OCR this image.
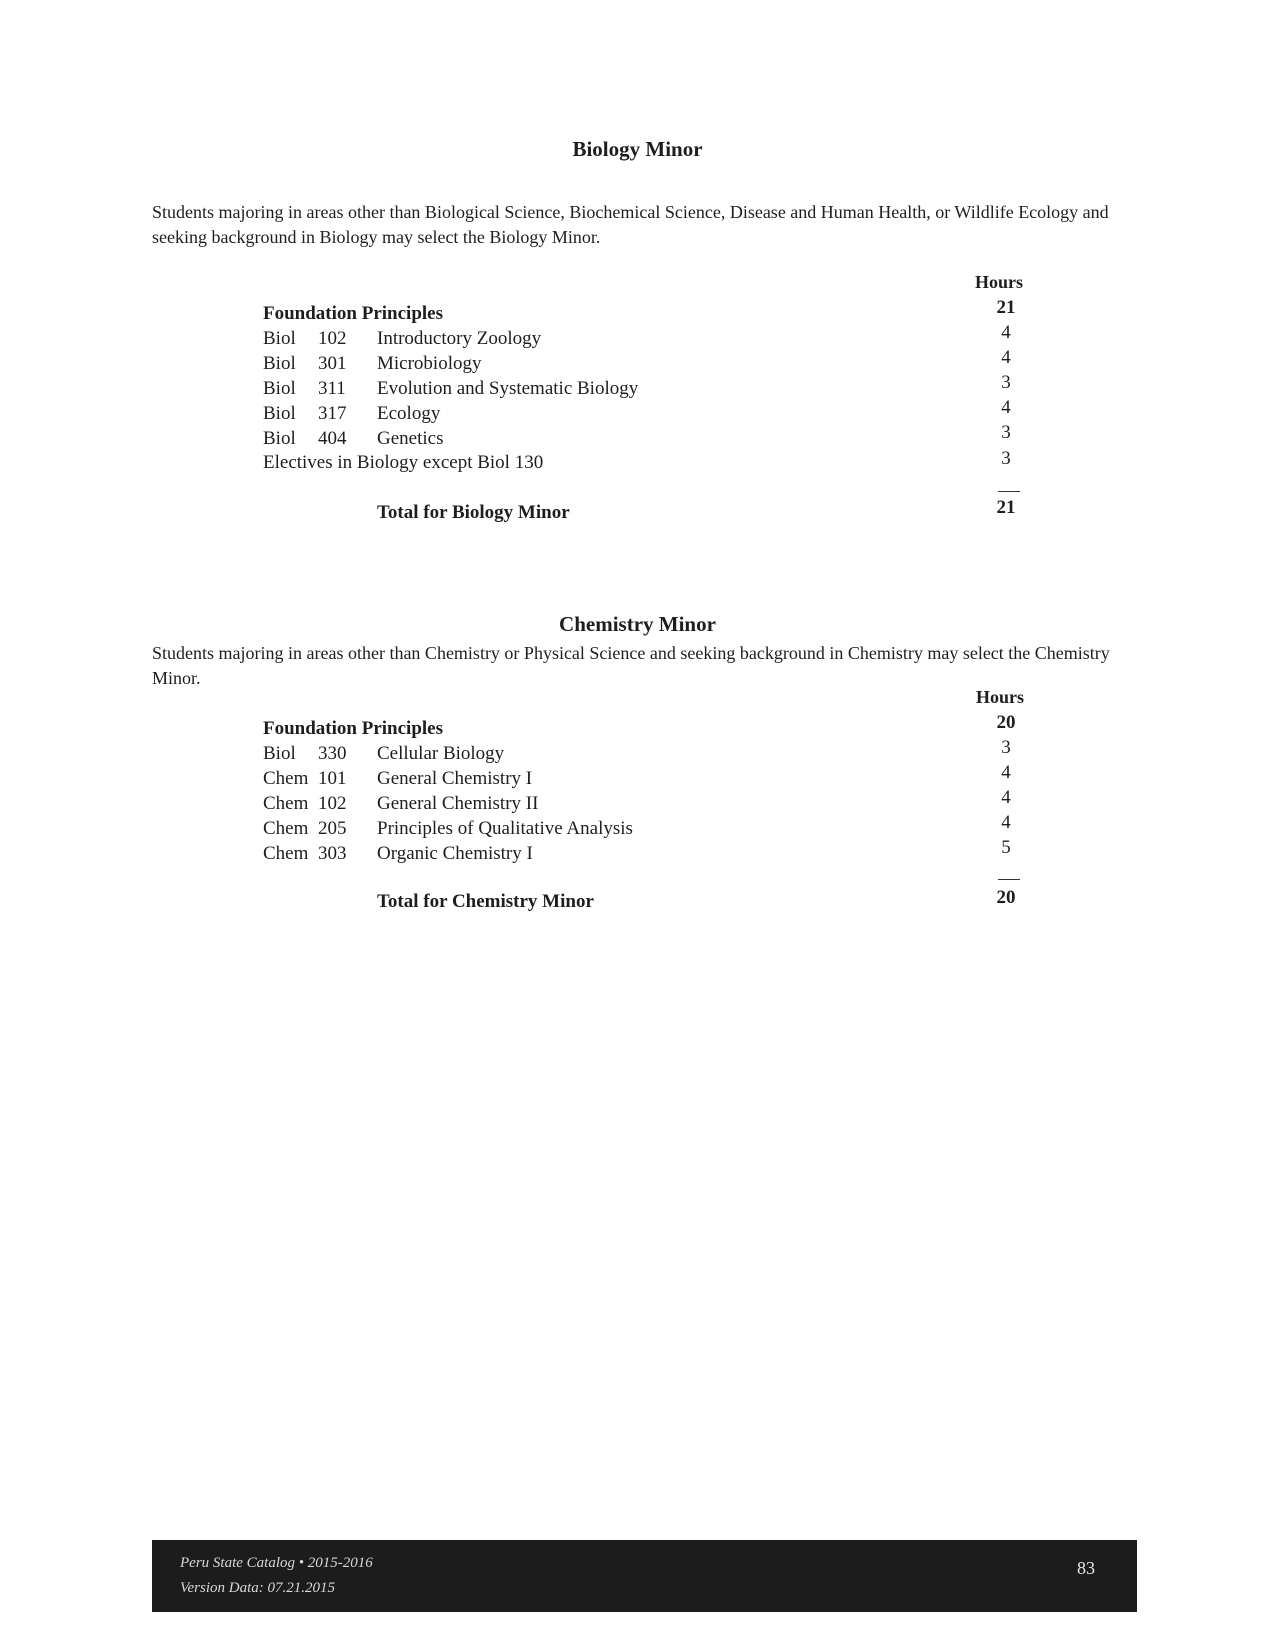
Biology Minor
Students majoring in areas other than Biological Science, Biochemical Science, Disease and Human Health, or Wildlife Ecology and seeking background in Biology may select the Biology Minor.
Hours
Foundation Principles	21
Biol 102 Introductory Zoology	4
Biol 301 Microbiology	4
Biol 311 Evolution and Systematic Biology	3
Biol 317 Ecology	4
Biol 404 Genetics	3
Electives in Biology except Biol 130	3
Total for Biology Minor	21
Chemistry Minor
Students majoring in areas other than Chemistry or Physical Science and seeking background in Chemistry may select the Chemistry Minor.
Hours
Foundation Principles	20
Biol 330 Cellular Biology	3
Chem 101 General Chemistry I	4
Chem 102 General Chemistry II	4
Chem 205 Principles of Qualitative Analysis	4
Chem 303 Organic Chemistry I	5
Total for Chemistry Minor	20
Peru State Catalog • 2015-2016
Version Data: 07.21.2015
83
